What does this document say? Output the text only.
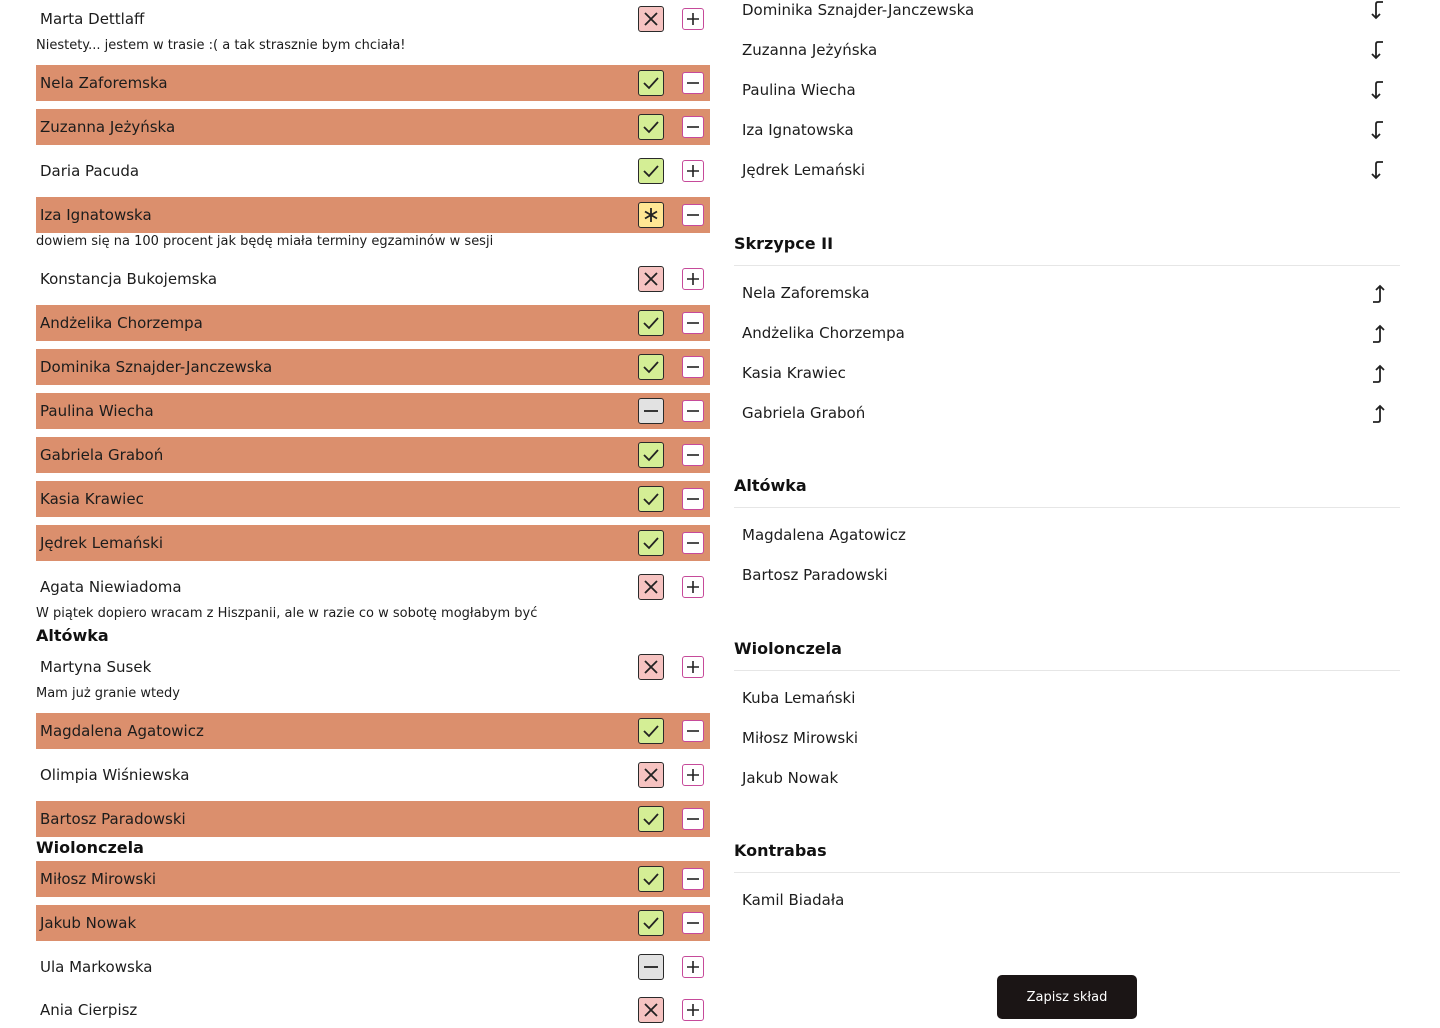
Marta Dettlaff
Niestety... jestem w trasie :( a tak strasznie bym chciała!
Nela Zaforemska
Zuzanna Jeżyńska
Daria Pacuda
Iza Ignatowska
dowiem się na 100 procent jak będę miała terminy egzaminów w sesji
Konstancja Bukojemska
Andżelika Chorzempa
Dominika Sznajder-Janczewska
Paulina Wiecha
Gabriela Graboń
Kasia Krawiec
Jędrek Lemański
Agata Niewiadoma
W piątek dopiero wracam z Hiszpanii, ale w razie co w sobotę mogłabym być
Altówka
Martyna Susek
Mam już granie wtedy
Magdalena Agatowicz
Olimpia Wiśniewska
Bartosz Paradowski
Wiolonczela
Miłosz Mirowski
Jakub Nowak
Ula Markowska
Ania Cierpisz
Dominika Sznajder-Janczewska
Zuzanna Jeżyńska
Paulina Wiecha
Iza Ignatowska
Jędrek Lemański
Skrzypce II
Nela Zaforemska
Andżelika Chorzempa
Kasia Krawiec
Gabriela Graboń
Altówka
Magdalena Agatowicz
Bartosz Paradowski
Wiolonczela
Kuba Lemański
Miłosz Mirowski
Jakub Nowak
Kontrabas
Kamil Biadała
Zapisz skład
